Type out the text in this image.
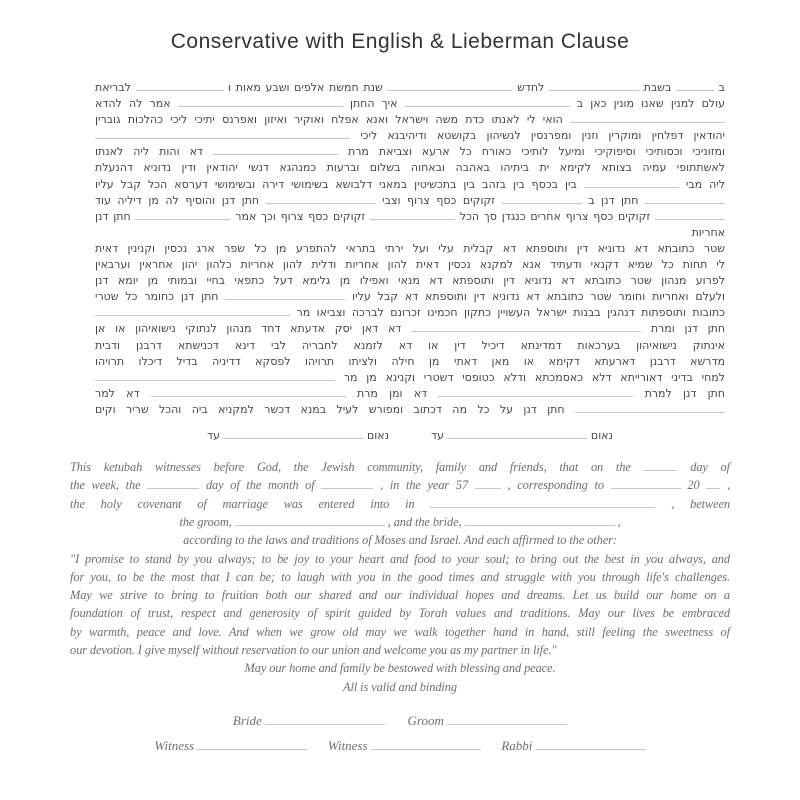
Conservative with English & Lieberman Clause
ב  בשבת  לחדש  שנת חמשת אלפים ושבע מאות ו  לבריאת
עולם למנין שאנו מונין כאן ב  איך החתן  אמר לה להדא
הואי לי לאנתו כדת משה וישראל ואנא אפלח ואוקיר ואיזון ואפרנס יתיכי ליכי כהלכות גוברין
יהודאין דפלחין ומוקרין וזנין ומפרנסין לנשיהון בקושטא ודיהיבנא ליכי
ומזוניכי וכסותיכי וסיפוקיכי ומיעל לותיכי כאורח כל ארעא וצביאת מרת  דא והות ליה לאנתו
לאשתתופי עמיה בצותא לקימא ית ביתיהו באהבה ובאחוה בשלום וברעות כמנהגא דנשי יהודאין ודין נדוניא דהנעלת
ליה מבי  בין בכסף בין בזהב בין בתכשיטין במאני דלבושא בשימושי דירה ובשימושי דערסא הכל קבל עליו
חתן דנן ב  זקוקים כסף צרוף וצבי  חתן דנן והוסיף לה מן דיליה עוד
זקוקים כסף צרוף אחרים כנגדן סך הכל  זקוקים כסף צרוף וכך אמר  חתן דנן אחריות
שטר כתובתא דא נדוניא דין ותוספתא דא קבלית עלי ועל ירתי בתראי להתפרע מן כל שפר ארג נכסין וקנינין דאית
לי תחות כל שמיא דקנאי ודעתיד אנא למקנא נכסין דאית להון אחריות ודלית להון אחריות כלהון יהון אחראין וערבאין
לפרוע מנהון שטר כתובתא דא נדוניא דין ותוספתא דא מנאי ואפילו מן גלימא דעל כתפאי בחיי ובמותי מן יומא דנן
ולעלם ואחריות וחומר שטר כתובתא דא נדוניא דין ותוספתא דא קבל עליו  חתן דנן כחומר כל שטרי
כתובות ותוספתות דנהגין בבנות ישראל העשויין כתקון חכמינו זכרונם לברכה וצביאו מר
חתן דנן ומרת  דא דאן יסק אדעתא דחד מנהון לנתוקי נישואיהון או אן
אינתוק נישואיהון בערכאות דמדינתא דיכיל דין או דא לזמנא לחבריה לבי דינא דכנישתא דרבנן ודבית
מדרשא דרבנן דארעתא דקימא או מאן דאתי מן חילה ולציתו תרויהו לפסקא דדיניה בדיל דיכלו תרויהו
למחי בדיני דאורייתא דלא כאסמכתא ודלא כטופסי דשטרי וקנינא מן מר
חתן דנן למרת  דא ומן מרת  דא למר
חתן דנן על כל מה דכתוב ומפורש לעיל במנא דכשר למקניא ביה והכל שריר וקים
נאום  עד  נאום  עד
This ketubah witnesses before God, the Jewish community, family and friends, that on the	day of
the week, the	day of the month of	, in the year 57	, corresponding to	20 ,
the holy covenant of marriage was entered into in	, between
the groom,	, and the bride,	,
according to the laws and traditions of Moses and Israel. And each affirmed to the other:
"I promise to stand by you always; to be joy to your heart and food to your soul; to bring out the best in you always, and
for you, to be the most that I can be; to laugh with you in the good times and struggle with you through life's challenges.
May we strive to bring to fruition both our shared and our individual hopes and dreams. Let us build our home on a
foundation of trust, respect and generosity of spirit guided by Torah values and traditions. May our lives be embraced
by warmth, peace and love. And when we grow old may we walk together hand in hand, still feeling the sweetness of
our devotion. I give myself without reservation to our union and welcome you as my partner in life."
May our home and family be bestowed with blessing and peace.
All is valid and binding
Bride	Groom
Witness	Witness	Rabbi
